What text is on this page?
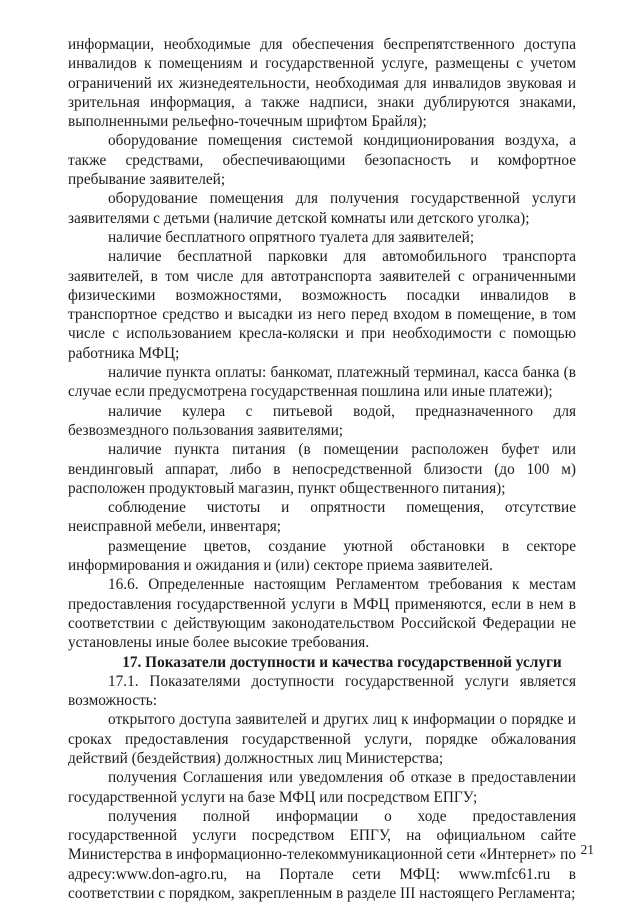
информации, необходимые для обеспечения беспрепятственного доступа инвалидов к помещениям и государственной услуге, размещены с учетом ограничений их жизнедеятельности, необходимая для инвалидов звуковая и зрительная информация, а также надписи, знаки дублируются знаками, выполненными рельефно-точечным шрифтом Брайля);

оборудование помещения системой кондиционирования воздуха, а также средствами, обеспечивающими безопасность и комфортное пребывание заявителей;

оборудование помещения для получения государственной услуги заявителями с детьми (наличие детской комнаты или детского уголка);

наличие бесплатного опрятного туалета для заявителей;

наличие бесплатной парковки для автомобильного транспорта заявителей, в том числе для автотранспорта заявителей с ограниченными физическими возможностями, возможность посадки инвалидов в транспортное средство и высадки из него перед входом в помещение, в том числе с использованием кресла-коляски и при необходимости с помощью работника МФЦ;

наличие пункта оплаты: банкомат, платежный терминал, касса банка (в случае если предусмотрена государственная пошлина или иные платежи);

наличие кулера с питьевой водой, предназначенного для безвозмездного пользования заявителями;

наличие пункта питания (в помещении расположен буфет или вендинговый аппарат, либо в непосредственной близости (до 100 м) расположен продуктовый магазин, пункт общественного питания);

соблюдение чистоты и опрятности помещения, отсутствие неисправной мебели, инвентаря;

размещение цветов, создание уютной обстановки в секторе информирования и ожидания и (или) секторе приема заявителей.

16.6. Определенные настоящим Регламентом требования к местам предоставления государственной услуги в МФЦ применяются, если в нем в соответствии с действующим законодательством Российской Федерации не установлены иные более высокие требования.

17. Показатели доступности и качества государственной услуги

17.1. Показателями доступности государственной услуги является возможность:

открытого доступа заявителей и других лиц к информации о порядке и сроках предоставления государственной услуги, порядке обжалования действий (бездействия) должностных лиц Министерства;

получения Соглашения или уведомления об отказе в предоставлении государственной услуги на базе МФЦ или посредством ЕПГУ;

получения полной информации о ходе предоставления государственной услуги посредством ЕПГУ, на официальном сайте Министерства в информационно-телекоммуникационной сети «Интернет» по адресу:www.don-agro.ru, на Портале сети МФЦ: www.mfc61.ru в соответствии с порядком, закрепленным в разделе III настоящего Регламента;

21
